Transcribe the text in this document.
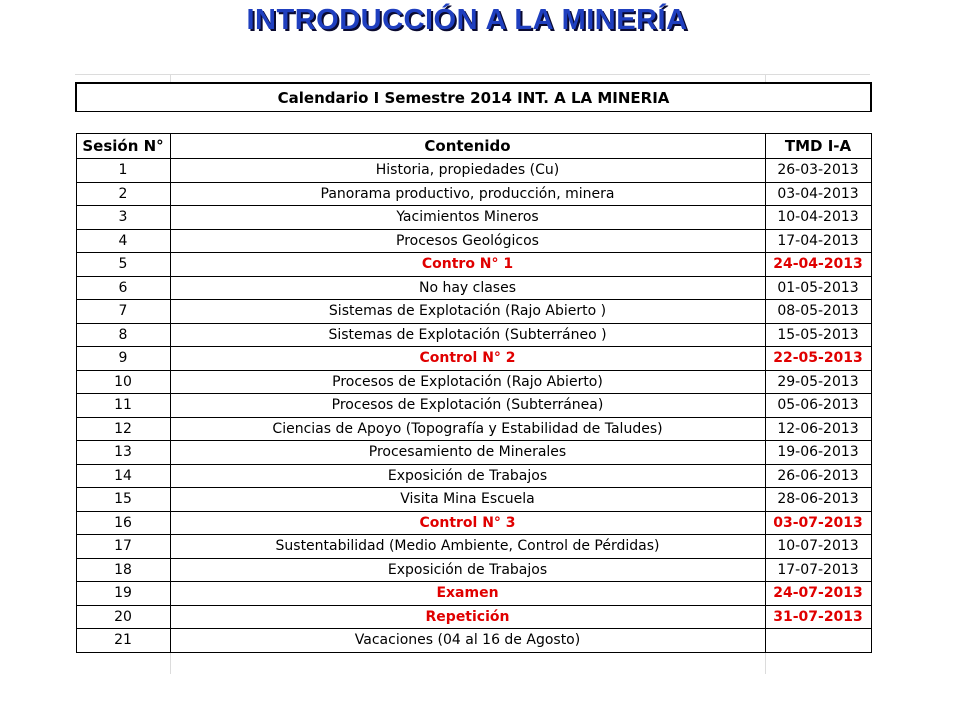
INTRODUCCIÓN A LA MINERÍA
Calendario I Semestre 2014 INT. A LA MINERIA		

Sesión N°	Contenido	TMD I-A
1	Historia, propiedades (Cu)	26-03-2013
2	Panorama productivo, producción, minera	03-04-2013
3	Yacimientos Mineros	10-04-2013
4	Procesos Geológicos	17-04-2013
5	Contro N° 1	24-04-2013
6	No hay clases	01-05-2013
7	Sistemas de Explotación (Rajo Abierto )	08-05-2013
8	Sistemas de Explotación (Subterráneo )	15-05-2013
9	Control N° 2	22-05-2013
10	Procesos de Explotación (Rajo Abierto)	29-05-2013
11	Procesos de Explotación (Subterránea)	05-06-2013
12	Ciencias de Apoyo (Topografía y Estabilidad de Taludes)	12-06-2013
13	Procesamiento de Minerales	19-06-2013
14	Exposición de Trabajos	26-06-2013
15	Visita Mina Escuela	28-06-2013
16	Control N° 3	03-07-2013
17	Sustentabilidad (Medio Ambiente, Control de Pérdidas)	10-07-2013
18	Exposición de Trabajos	17-07-2013
19	Examen	24-07-2013
20	Repetición	31-07-2013
21	Vacaciones (04 al 16 de Agosto)	
